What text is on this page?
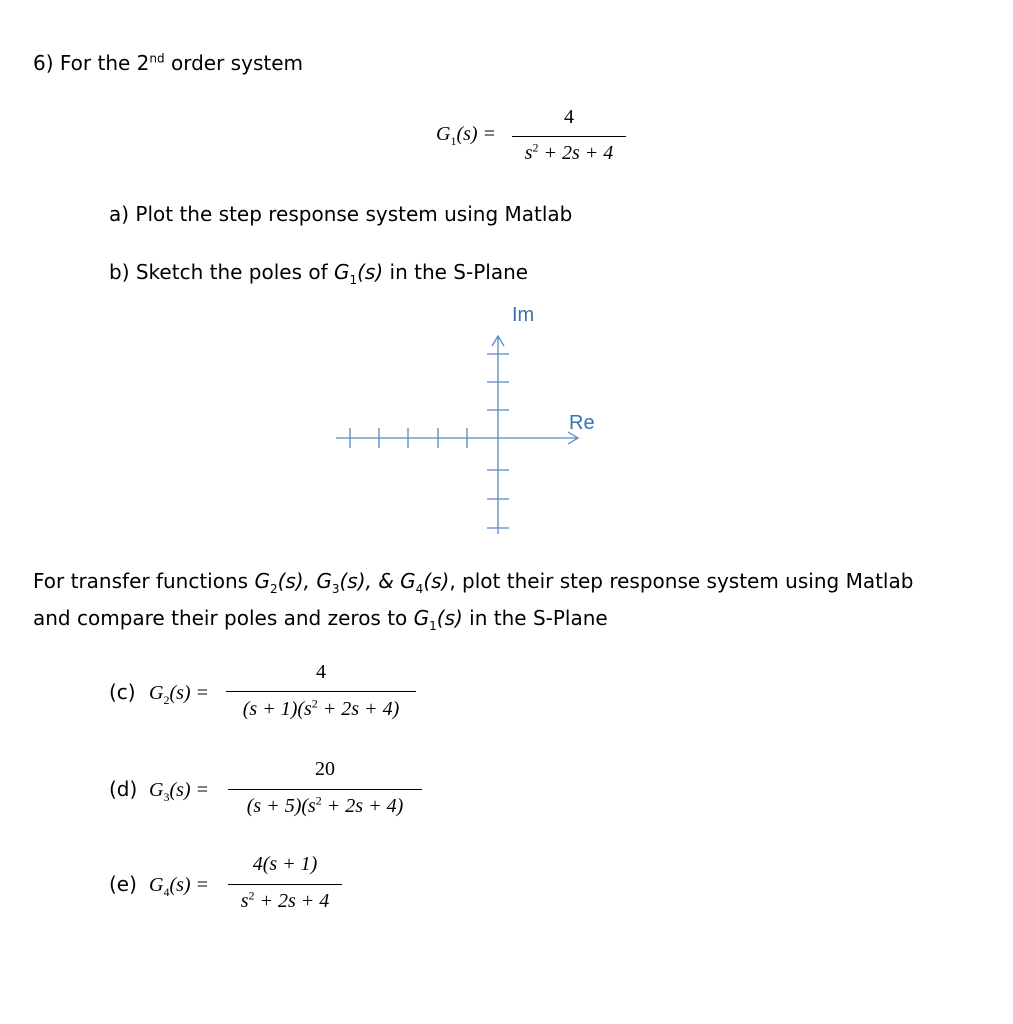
6) For the 2nd order system
$G_1(s)$ =
4
$s^2 + 2s + 4$
a) Plot the step response system using Matlab
b) Sketch the poles of $G_1(s)$ in the S-Plane
Im
Re
For transfer functions $G_2(s)$, $G_3(s)$, & $G_4(s)$, plot their step response system using Matlab
and compare their poles and zeros to $G_1(s)$ in the S-Plane
(c) $G_2(s)$ =
4
$(s + 1)(s^2 + 2s + 4)$
(d) $G_3(s)$ =
20
$(s + 5)(s^2 + 2s + 4)$
(e) $G_4(s)$ =
4(s + 1)
$s^2 + 2s + 4$
